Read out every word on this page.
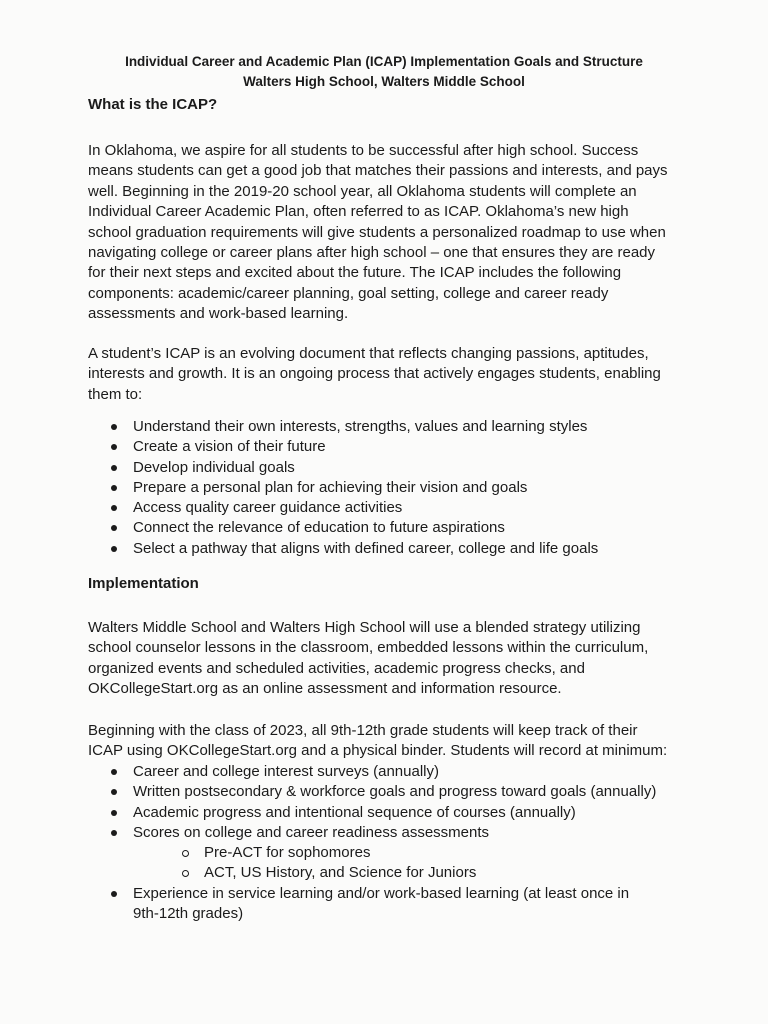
Individual Career and Academic Plan (ICAP) Implementation Goals and Structure
Walters High School, Walters Middle School
What is the ICAP?
In Oklahoma, we aspire for all students to be successful after high school. Success
means students can get a good job that matches their passions and interests, and pays
well. Beginning in the 2019-20 school year, all Oklahoma students will complete an
Individual Career Academic Plan, often referred to as ICAP. Oklahoma’s new high
school graduation requirements will give students a personalized roadmap to use when
navigating college or career plans after high school – one that ensures they are ready
for their next steps and excited about the future. The ICAP includes the following
components: academic/career planning, goal setting, college and career ready
assessments and work-based learning.
A student’s ICAP is an evolving document that reflects changing passions, aptitudes,
interests and growth. It is an ongoing process that actively engages students, enabling
them to:
Understand their own interests, strengths, values and learning styles
Create a vision of their future
Develop individual goals
Prepare a personal plan for achieving their vision and goals
Access quality career guidance activities
Connect the relevance of education to future aspirations
Select a pathway that aligns with defined career, college and life goals
Implementation
Walters Middle School and Walters High School will use a blended strategy utilizing
school counselor lessons in the classroom, embedded lessons within the curriculum,
organized events and scheduled activities, academic progress checks, and
OKCollegeStart.org as an online assessment and information resource.
Beginning with the class of 2023, all 9th-12th grade students will keep track of their
ICAP using OKCollegeStart.org and a physical binder. Students will record at minimum:
Career and college interest surveys (annually)
Written postsecondary & workforce goals and progress toward goals (annually)
Academic progress and intentional sequence of courses (annually)
Scores on college and career readiness assessments
Pre-ACT for sophomores
ACT, US History, and Science for Juniors
Experience in service learning and/or work-based learning (at least once in
9th-12th grades)
